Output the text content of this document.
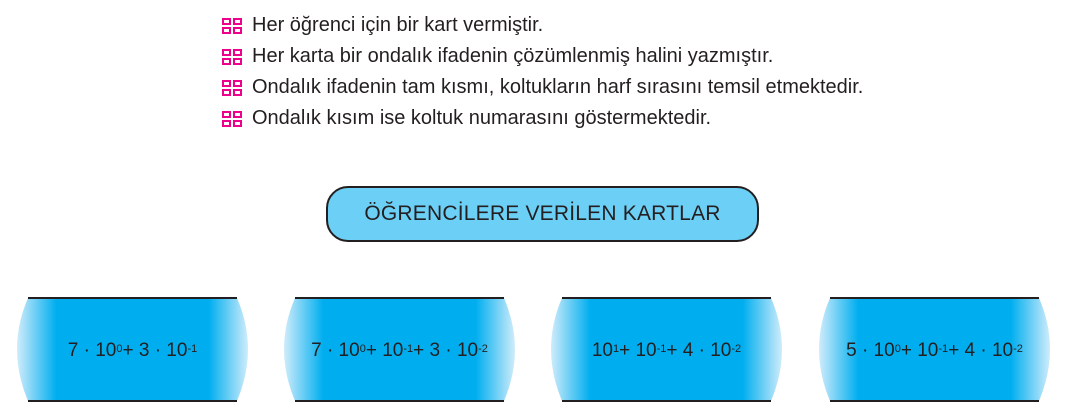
Her öğrenci için bir kart vermiştir.
Her karta bir ondalık ifadenin çözümlenmiş halini yazmıştır.
Ondalık ifadenin tam kısmı, koltukların harf sırasını temsil etmektedir.
Ondalık kısım ise koltuk numarasını göstermektedir.
ÖĞRENCİLERE VERİLEN KARTLAR
$7 \cdot 10^0 + 3 \cdot 10^{-1}$	$7 \cdot 10^0 + 10^{-1} + 3 \cdot 10^{-2}$	$10^1 + 10^{-1} + 4 \cdot 10^{-2}$	$5 \cdot 10^0 + 10^{-1} + 4 \cdot 10^{-2}$
